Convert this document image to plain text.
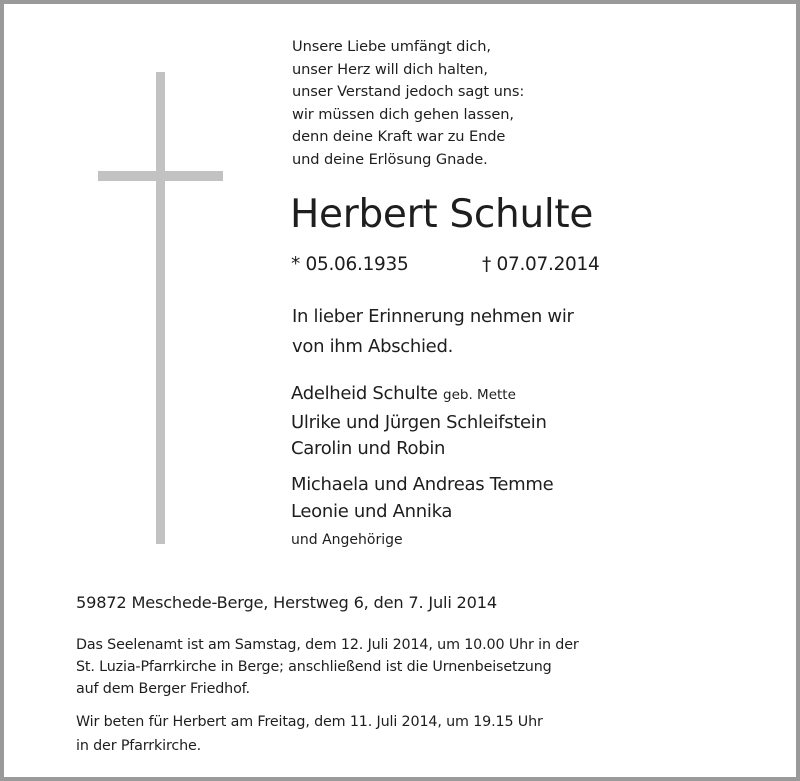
Unsere Liebe umfängt dich,
unser Herz will dich halten,
unser Verstand jedoch sagt uns:
wir müssen dich gehen lassen,
denn deine Kraft war zu Ende
und deine Erlösung Gnade.
Herbert Schulte
* 05.06.1935	† 07.07.2014
In lieber Erinnerung nehmen wir
von ihm Abschied.
Adelheid Schulte geb. Mette
Ulrike und Jürgen Schleifstein
Carolin und Robin
Michaela und Andreas Temme
Leonie und Annika
und Angehörige
59872 Meschede-Berge, Herstweg 6, den 7. Juli 2014
Das Seelenamt ist am Samstag, dem 12. Juli 2014, um 10.00 Uhr in der
St. Luzia-Pfarrkirche in Berge; anschließend ist die Urnenbeisetzung
auf dem Berger Friedhof.
Wir beten für Herbert am Freitag, dem 11. Juli 2014, um 19.15 Uhr
in der Pfarrkirche.
